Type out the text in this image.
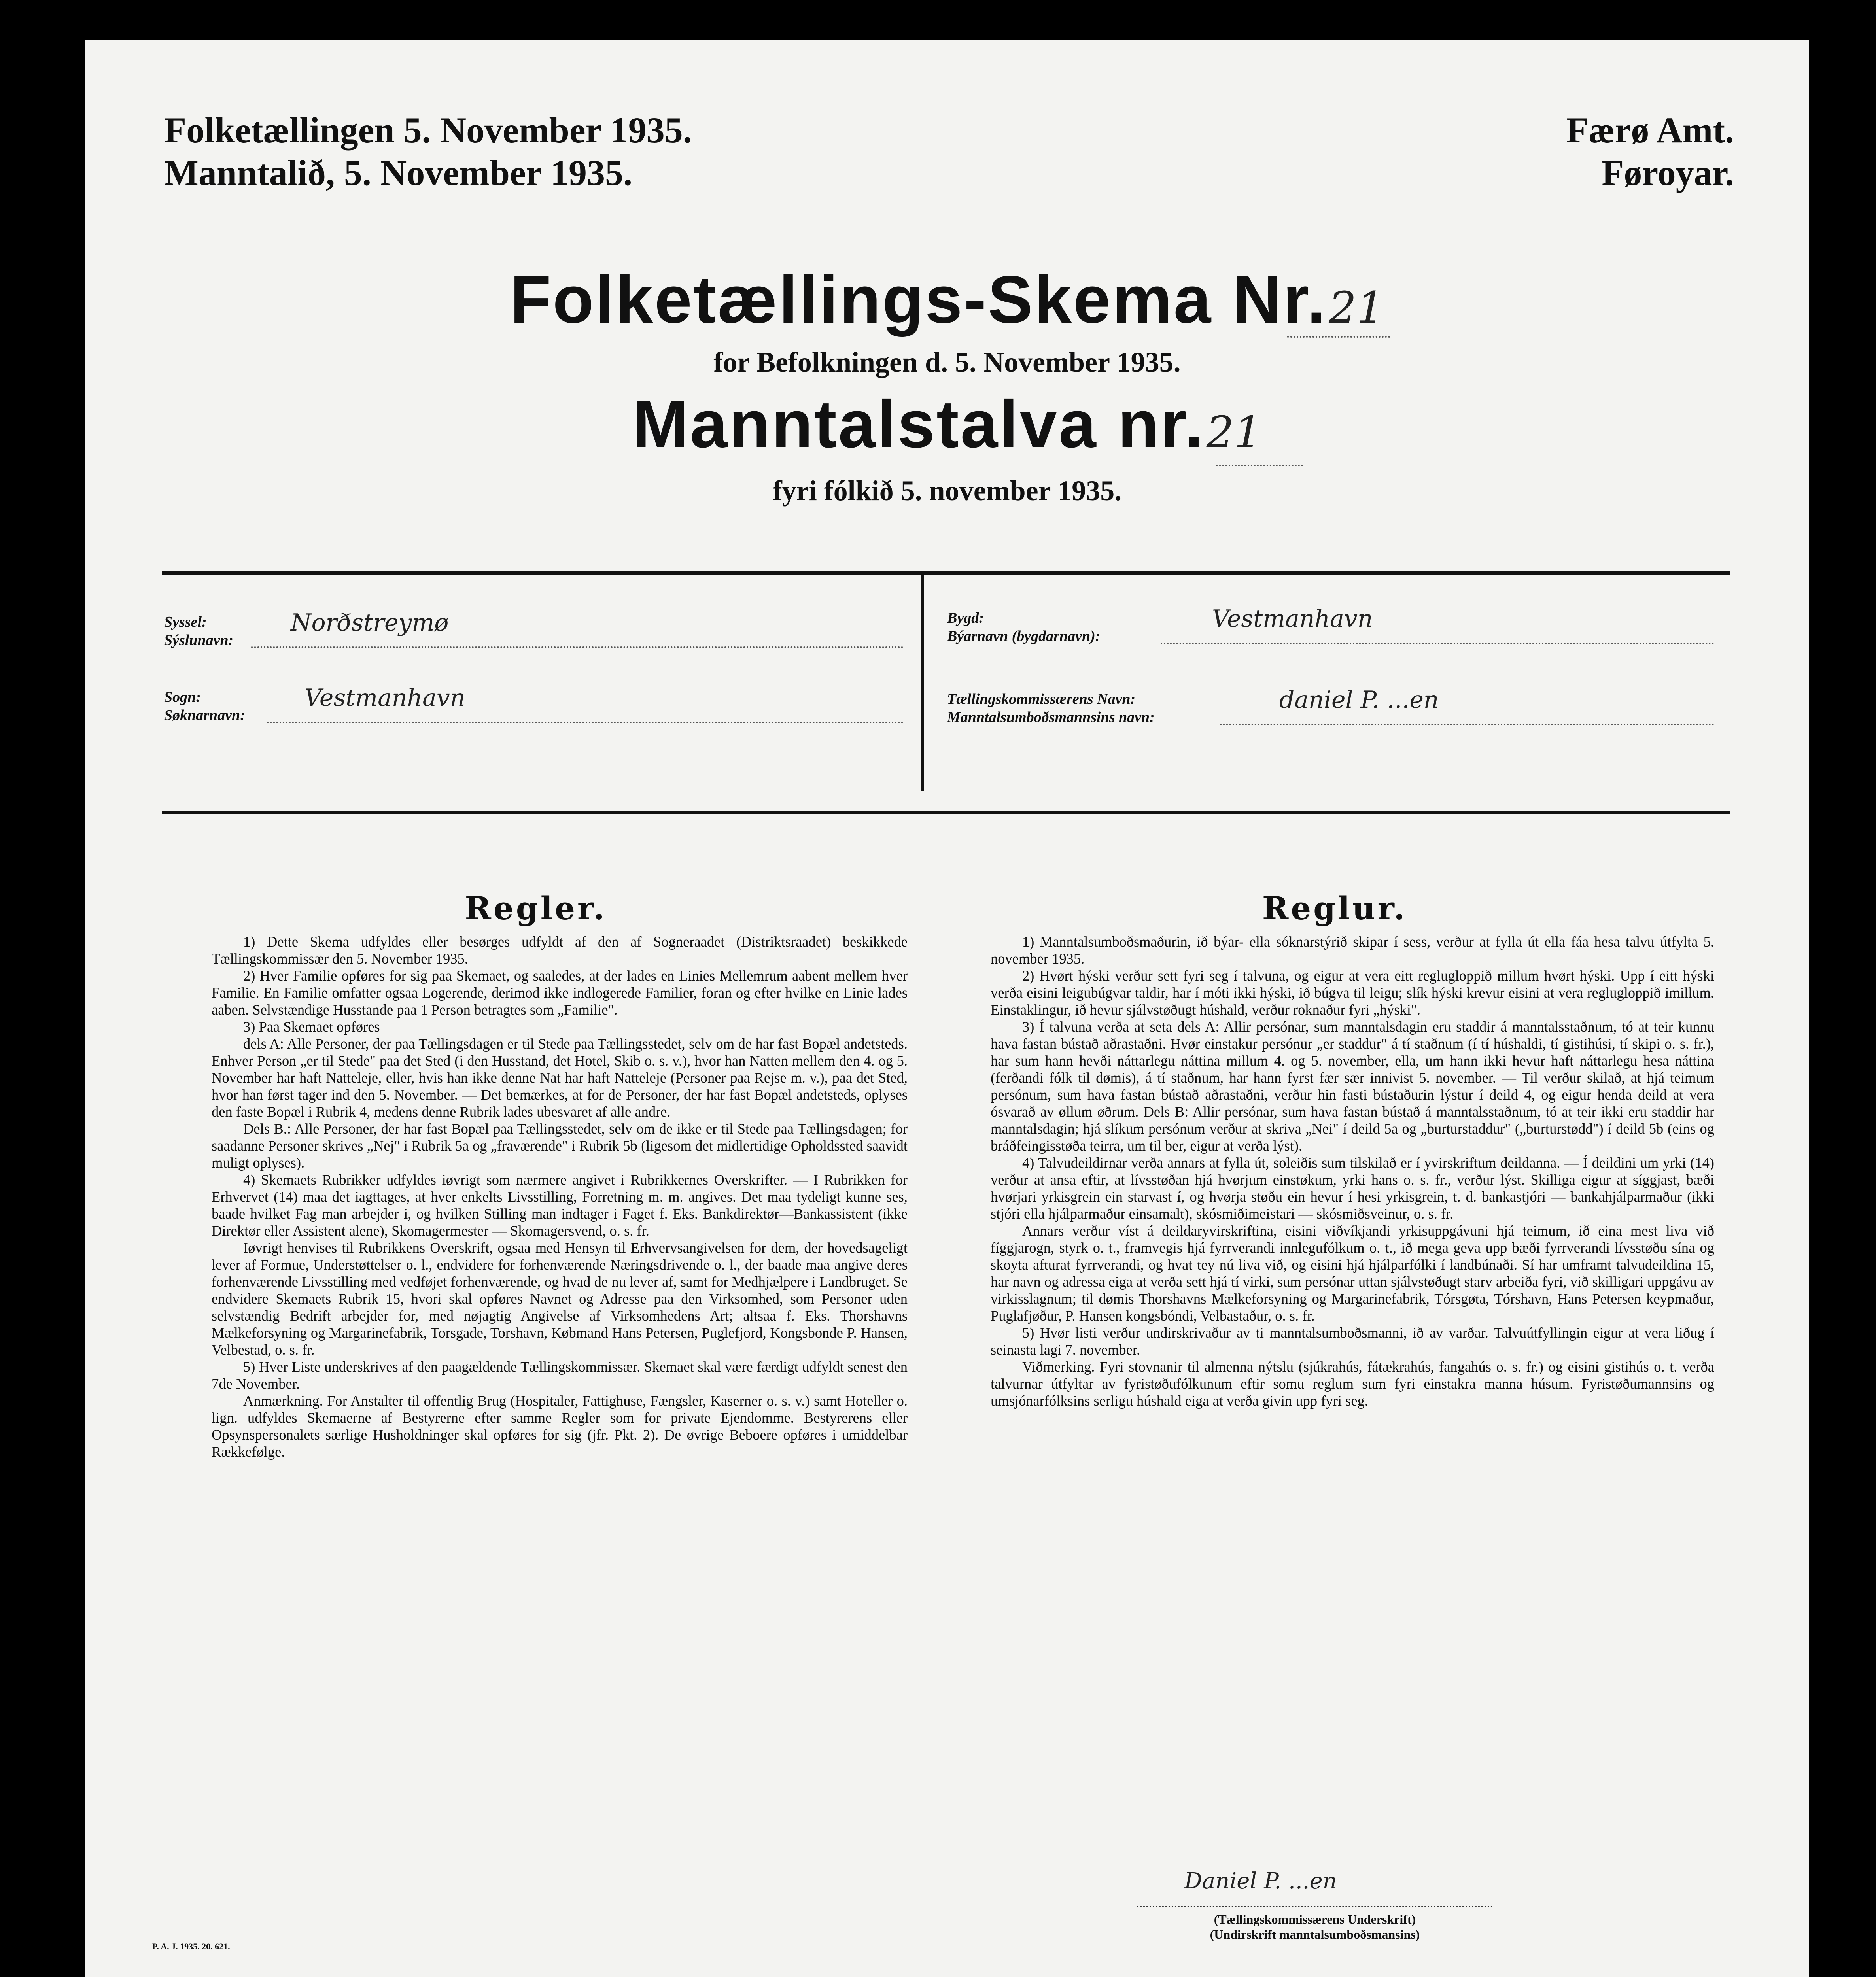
Folketællingen 5. November 1935.
Manntalið, 5. November 1935.
Færø Amt.
Føroyar.
Folketællings-Skema Nr. 21
for Befolkningen d. 5. November 1935.
Manntalstalva nr. 21
fyri fólkið 5. november 1935.
Syssel:
Sýslunavn:
Norðstreymø
Sogn:
Søknarnavn:
Vestmanhavn
Bygd:
Býarnavn (bygdarnavn):
Vestmanhavn
Tællingskommissærens Navn:
Manntalsumboðsmannsins navn:
daniel P. ...en
Regler.

1) Dette Skema udfyldes eller besørges udfyldt af den af Sogneraadet (Distriktsraadet) beskikkede Tællingskommissær den 5. November 1935.

2) Hver Familie opføres for sig paa Skemaet, og saaledes, at der lades en Linies Mellemrum aabent mellem hver Familie. En Familie omfatter ogsaa Logerende, derimod ikke indlogerede Familier, foran og efter hvilke en Linie lades aaben. Selvstændige Husstande paa 1 Person betragtes som „Familie".

3) Paa Skemaet opføres

dels A: Alle Personer, der paa Tællingsdagen er til Stede paa Tællingsstedet, selv om de har fast Bopæl andetsteds. Enhver Person „er til Stede" paa det Sted (i den Husstand, det Hotel, Skib o. s. v.), hvor han Natten mellem den 4. og 5. November har haft Natteleje, eller, hvis han ikke denne Nat har haft Natteleje (Personer paa Rejse m. v.), paa det Sted, hvor han først tager ind den 5. November. — Det bemærkes, at for de Personer, der har fast Bopæl andetsteds, oplyses den faste Bopæl i Rubrik 4, medens denne Rubrik lades ubesvaret af alle andre.

Dels B.: Alle Personer, der har fast Bopæl paa Tællingsstedet, selv om de ikke er til Stede paa Tællingsdagen; for saadanne Personer skrives „Nej" i Rubrik 5a og „fraværende" i Rubrik 5b (ligesom det midlertidige Opholdssted saavidt muligt oplyses).

4) Skemaets Rubrikker udfyldes iøvrigt som nærmere angivet i Rubrikkernes Overskrifter. — I Rubrikken for Erhvervet (14) maa det iagttages, at hver enkelts Livsstilling, Forretning m. m. angives. Det maa tydeligt kunne ses, baade hvilket Fag man arbejder i, og hvilken Stilling man indtager i Faget f. Eks. Bankdirektør—Bankassistent (ikke Direktør eller Assistent alene), Skomagermester — Skomagersvend, o. s. fr.

Iøvrigt henvises til Rubrikkens Overskrift, ogsaa med Hensyn til Erhvervsangivelsen for dem, der hovedsageligt lever af Formue, Understøttelser o. l., endvidere for forhenværende Næringsdrivende o. l., der baade maa angive deres forhenværende Livsstilling med vedføjet forhenværende, og hvad de nu lever af, samt for Medhjælpere i Landbruget. Se endvidere Skemaets Rubrik 15, hvori skal opføres Navnet og Adresse paa den Virksomhed, som Personer uden selvstændig Bedrift arbejder for, med nøjagtig Angivelse af Virksomhedens Art; altsaa f. Eks. Thorshavns Mælkeforsyning og Margarinefabrik, Torsgade, Torshavn, Købmand Hans Petersen, Puglefjord, Kongsbonde P. Hansen, Velbestad, o. s. fr.

5) Hver Liste underskrives af den paagældende Tællingskommissær. Skemaet skal være færdigt udfyldt senest den 7de November.

Anmærkning. For Anstalter til offentlig Brug (Hospitaler, Fattighuse, Fængsler, Kaserner o. s. v.) samt Hoteller o. lign. udfyldes Skemaerne af Bestyrerne efter samme Regler som for private Ejendomme. Bestyrerens eller Opsynspersonalets særlige Husholdninger skal opføres for sig (jfr. Pkt. 2). De øvrige Beboere opføres i umiddelbar Rækkefølge.

Reglur.

1) Manntalsumboðsmaðurin, ið býar- ella sóknarstýrið skipar í sess, verður at fylla út ella fáa hesa talvu útfylta 5. november 1935.

2) Hvørt hýski verður sett fyri seg í talvuna, og eigur at vera eitt reglugloppið millum hvørt hýski. Upp í eitt hýski verða eisini leigubúgvar taldir, har í móti ikki hýski, ið búgva til leigu; slík hýski krevur eisini at vera reglugloppið imillum. Einstaklingur, ið hevur sjálvstøðugt húshald, verður roknaður fyri „hýski".

3) Í talvuna verða at seta dels A: Allir persónar, sum manntalsdagin eru staddir á manntalsstaðnum, tó at teir kunnu hava fastan bústað aðrastaðni. Hvør einstakur persónur „er staddur" á tí staðnum (í tí húshaldi, tí gistihúsi, tí skipi o. s. fr.), har sum hann hevði náttarlegu náttina millum 4. og 5. november, ella, um hann ikki hevur haft náttarlegu hesa náttina (ferðandi fólk til dømis), á tí staðnum, har hann fyrst fær sær innivist 5. november. — Til verður skilað, at hjá teimum persónum, sum hava fastan bústað aðrastaðni, verður hin fasti bústaðurin lýstur í deild 4, og eigur henda deild at vera ósvarað av øllum øðrum. Dels B: Allir persónar, sum hava fastan bústað á manntalsstaðnum, tó at teir ikki eru staddir har manntalsdagin; hjá slíkum persónum verður at skriva „Nei" í deild 5a og „burturstaddur" („burturstødd") í deild 5b (eins og bráðfeingisstøða teirra, um til ber, eigur at verða lýst).

4) Talvudeildirnar verða annars at fylla út, soleiðis sum tilskilað er í yvirskriftum deildanna. — Í deildini um yrki (14) verður at ansa eftir, at lívsstøðan hjá hvørjum einstøkum, yrki hans o. s. fr., verður lýst. Skilliga eigur at síggjast, bæði hvørjari yrkisgrein ein starvast í, og hvørja støðu ein hevur í hesi yrkisgrein, t. d. bankastjóri — bankahjálparmaður (ikki stjóri ella hjálparmaður einsamalt), skósmiðimeistari — skósmiðsveinur, o. s. fr.

Annars verður víst á deildaryvirskriftina, eisini viðvíkjandi yrkisuppgávuni hjá teimum, ið eina mest liva við fíggjarogn, styrk o. t., framvegis hjá fyrrverandi innlegufólkum o. t., ið mega geva upp bæði fyrrverandi lívsstøðu sína og skoyta afturat fyrrverandi, og hvat tey nú liva við, og eisini hjá hjálparfólki í landbúnaði. Sí har umframt talvudeildina 15, har navn og adressa eiga at verða sett hjá tí virki, sum persónar uttan sjálvstøðugt starv arbeiða fyri, við skilligari uppgávu av virkisslagnum; til dømis Thorshavns Mælkeforsyning og Margarinefabrik, Tórsgøta, Tórshavn, Hans Petersen keypmaður, Puglafjøður, P. Hansen kongsbóndi, Velbastaður, o. s. fr.

5) Hvør listi verður undirskrivaður av ti manntalsumboðsmanni, ið av varðar. Talvuútfyllingin eigur at vera liðug í seinasta lagi 7. november.

Viðmerking. Fyri stovnanir til almenna nýtslu (sjúkrahús, fátækrahús, fangahús o. s. fr.) og eisini gistihús o. t. verða talvurnar útfyltar av fyristøðufólkunum eftir somu reglum sum fyri einstakra manna húsum. Fyristøðumannsins og umsjónarfólksins serligu húshald eiga at verða givin upp fyri seg.

Daniel P. ...en
(Tællingskommissærens Underskrift)
(Undirskrift manntalsumboðsmansins)
P. A. J. 1935. 20. 621.
